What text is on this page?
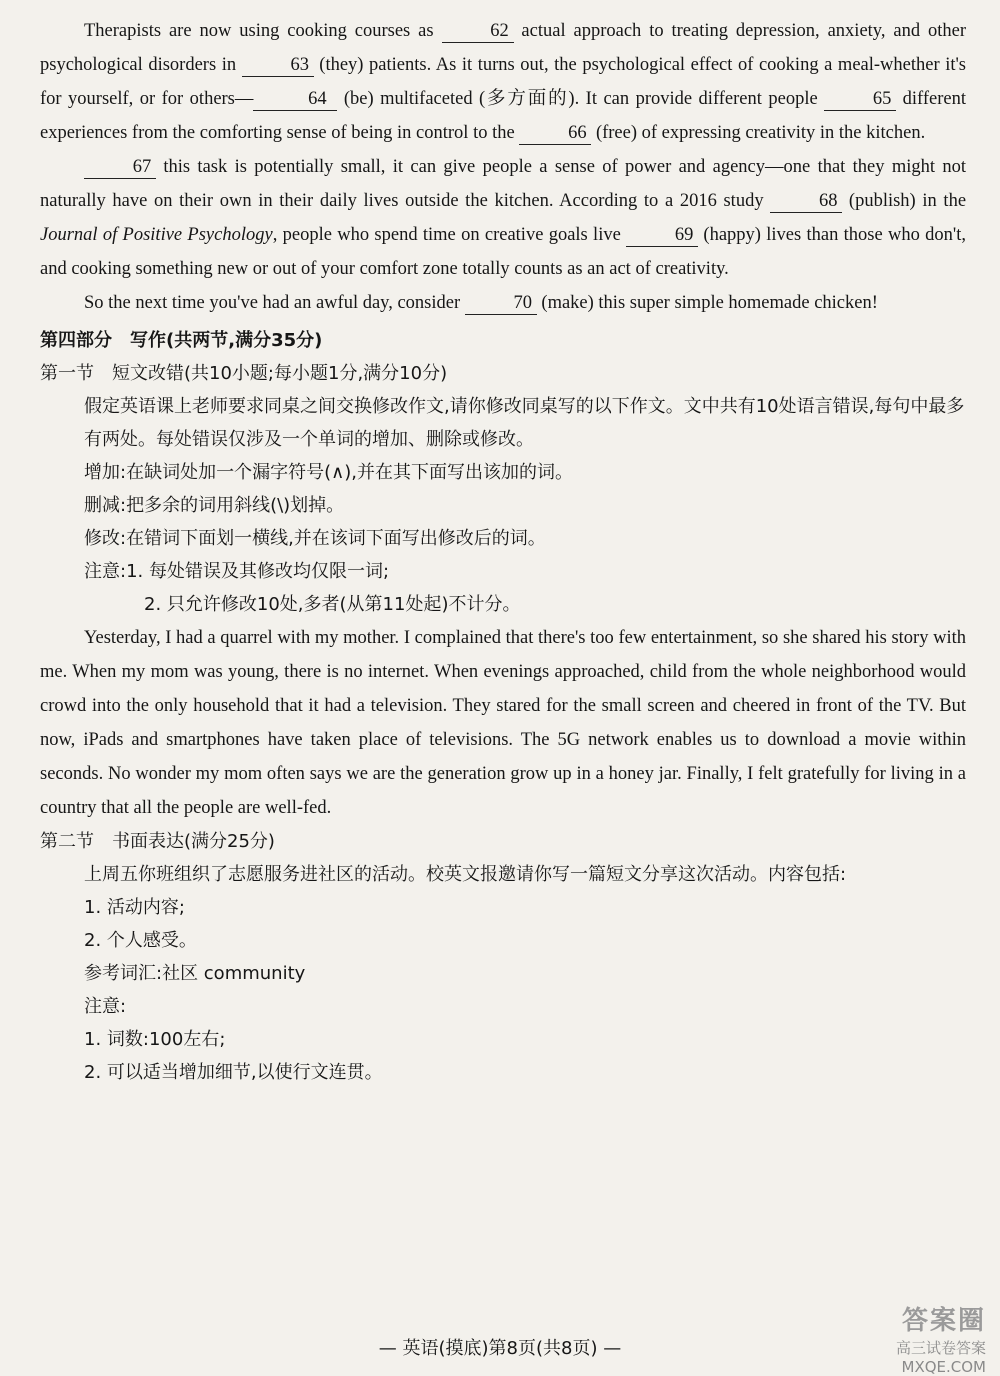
Therapists are now using cooking courses as	62 actual approach to treating depression, anxiety, and other psychological disorders in	63 (they) patients. As it turns out, the psychological effect of cooking a meal-whether it's for yourself, or for others—	64 (be) multifaceted (多方面的). It can provide different people	65 different experiences from the comforting sense of being in control to the	66 (free) of expressing creativity in the kitchen.

67 this task is potentially small, it can give people a sense of power and agency—one that they might not naturally have on their own in their daily lives outside the kitchen. According to a 2016 study	68 (publish) in the Journal of Positive Psychology, people who spend time on creative goals live	69 (happy) lives than those who don't, and cooking something new or out of your comfort zone totally counts as an act of creativity.

So the next time you've had an awful day, consider	70 (make) this super simple homemade chicken!

第四部分　写作(共两节,满分35分)
第一节　短文改错(共10小题;每小题1分,满分10分)
假定英语课上老师要求同桌之间交换修改作文,请你修改同桌写的以下作文。文中共有10处语言错误,每句中最多有两处。每处错误仅涉及一个单词的增加、删除或修改。
增加:在缺词处加一个漏字符号(∧),并在其下面写出该加的词。
删减:把多余的词用斜线(\)划掉。
修改:在错词下面划一横线,并在该词下面写出修改后的词。
注意:1. 每处错误及其修改均仅限一词;
2. 只允许修改10处,多者(从第11处起)不计分。

Yesterday, I had a quarrel with my mother. I complained that there's too few entertainment, so she shared his story with me. When my mom was young, there is no internet. When evenings approached, child from the whole neighborhood would crowd into the only household that it had a television. They stared for the small screen and cheered in front of the TV. But now, iPads and smartphones have taken place of televisions. The 5G network enables us to download a movie within seconds. No wonder my mom often says we are the generation grow up in a honey jar. Finally, I felt gratefully for living in a country that all the people are well-fed.

第二节　书面表达(满分25分)
上周五你班组织了志愿服务进社区的活动。校英文报邀请你写一篇短文分享这次活动。内容包括:
1. 活动内容;
2. 个人感受。
参考词汇:社区 community
注意:
1. 词数:100左右;
2. 可以适当增加细节,以使行文连贯。
— 英语(摸底)第8页(共8页) —
答案圈
高三试卷答案
MXQE.COM
